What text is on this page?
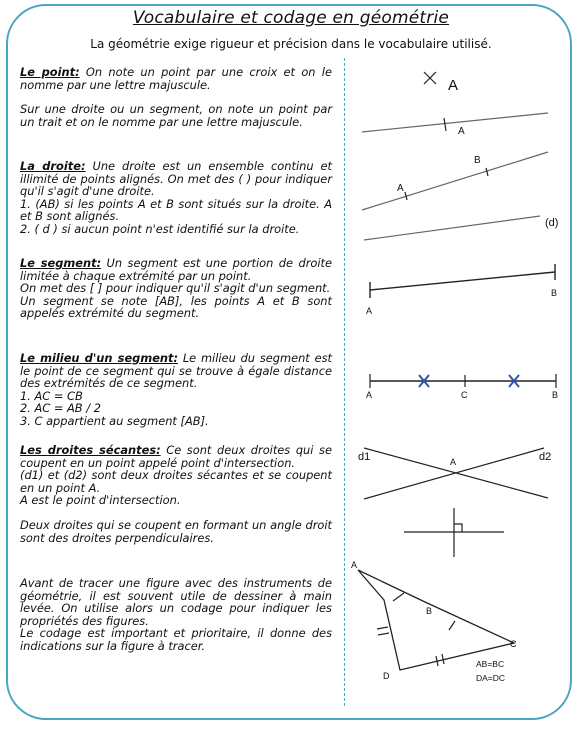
Vocabulaire et codage en géométrie
La géométrie exige rigueur et précision dans le vocabulaire utilisé.

Le point: On note un point par une croix et on le nomme par une lettre majuscule.

Sur une droite ou un segment, on note un point par un trait et on le nomme par une lettre majuscule.

La droite: Une droite est un ensemble continu et illimité de points alignés. On met des ( ) pour indiquer qu'il s'agit d'une droite.

1. (AB) si les points A et B sont situés sur la droite. A et B sont alignés.

2. ( d ) si aucun point n'est identifié sur la droite.

Le segment: Un segment est une portion de droite limitée à chaque extrémité par un point.

On met des [ ] pour indiquer qu'il s'agit d'un segment.

Un segment se note [AB], les points A et B sont appelés extrémité du segment.

Le milieu d'un segment: Le milieu du segment est le point de ce segment qui se trouve à égale distance des extrémités de ce segment.

1. AC = CB

2. AC = AB / 2

3. C appartient au segment [AB].

Les droites sécantes: Ce sont deux droites qui se coupent en un point appelé point d'intersection.

(d1) et (d2) sont deux droites sécantes et se coupent en un point A.

A est le point d'intersection.

Deux droites qui se coupent en formant un angle droit sont des droites perpendiculaires.

Avant de tracer une figure avec des instruments de géométrie, il est souvent utile de dessiner à main levée. On utilise alors un codage pour indiquer les propriétés des figures.

Le codage est important et prioritaire, il donne des indications sur la figure à tracer.

A
A
A
B
(d)
A
B
A	C	B
d1	d2
A
A
B
C
D
AB=BC
DA=DC
